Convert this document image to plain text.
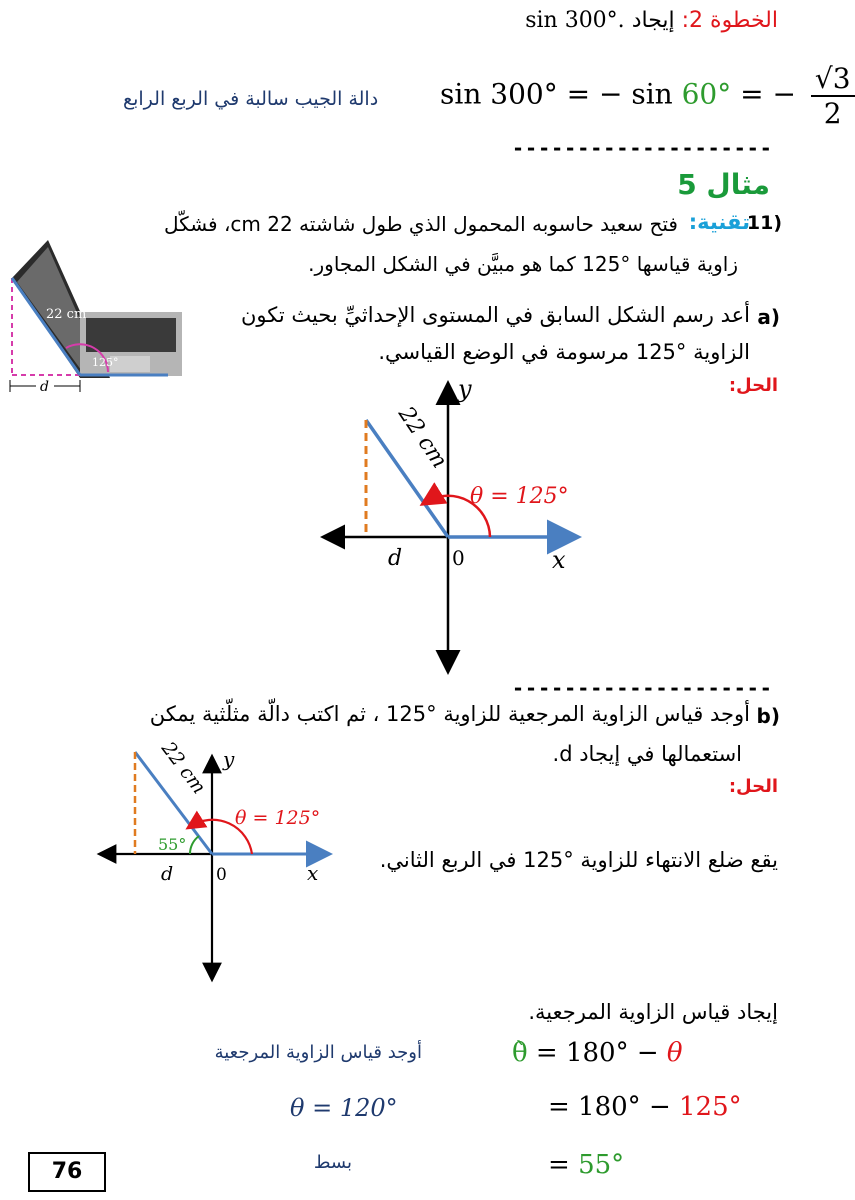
الخطوة 2: إيجاد sin 300°.
sin 300° = − sin 60° = − $\frac{√3}{2}$
دالة الجيب سالبة في الربع الرابع
--------------------
مثال 5
11)
تقنية:
فتح سعيد حاسوبه المحمول الذي طول شاشته 22 cm، فشكّل
زاوية قياسها °125 كما هو مبيَّن في الشكل المجاور.
22 cm
125°
d
a)
أعد رسم الشكل السابق في المستوى الإحداثيِّ بحيث تكون
الزاوية °125 مرسومة في الوضع القياسي.
الحل:
y
x
22 cm
θ = 125°
d 0
--------------------
b)
أوجد قياس الزاوية المرجعية للزاوية °125 ، ثم اكتب دالّة مثلّثية يمكن
استعمالها في إيجاد d.
الحل:
يقع ضلع الانتهاء للزاوية °125 في الربع الثاني.
y
x
22 cm
θ = 125°
55°
d	0
إيجاد قياس الزاوية المرجعية.
θ̀ = 180° − θ
أوجد قياس الزاوية المرجعية
θ = 120°	= 180° − 125°
= 55°
بسط
76
